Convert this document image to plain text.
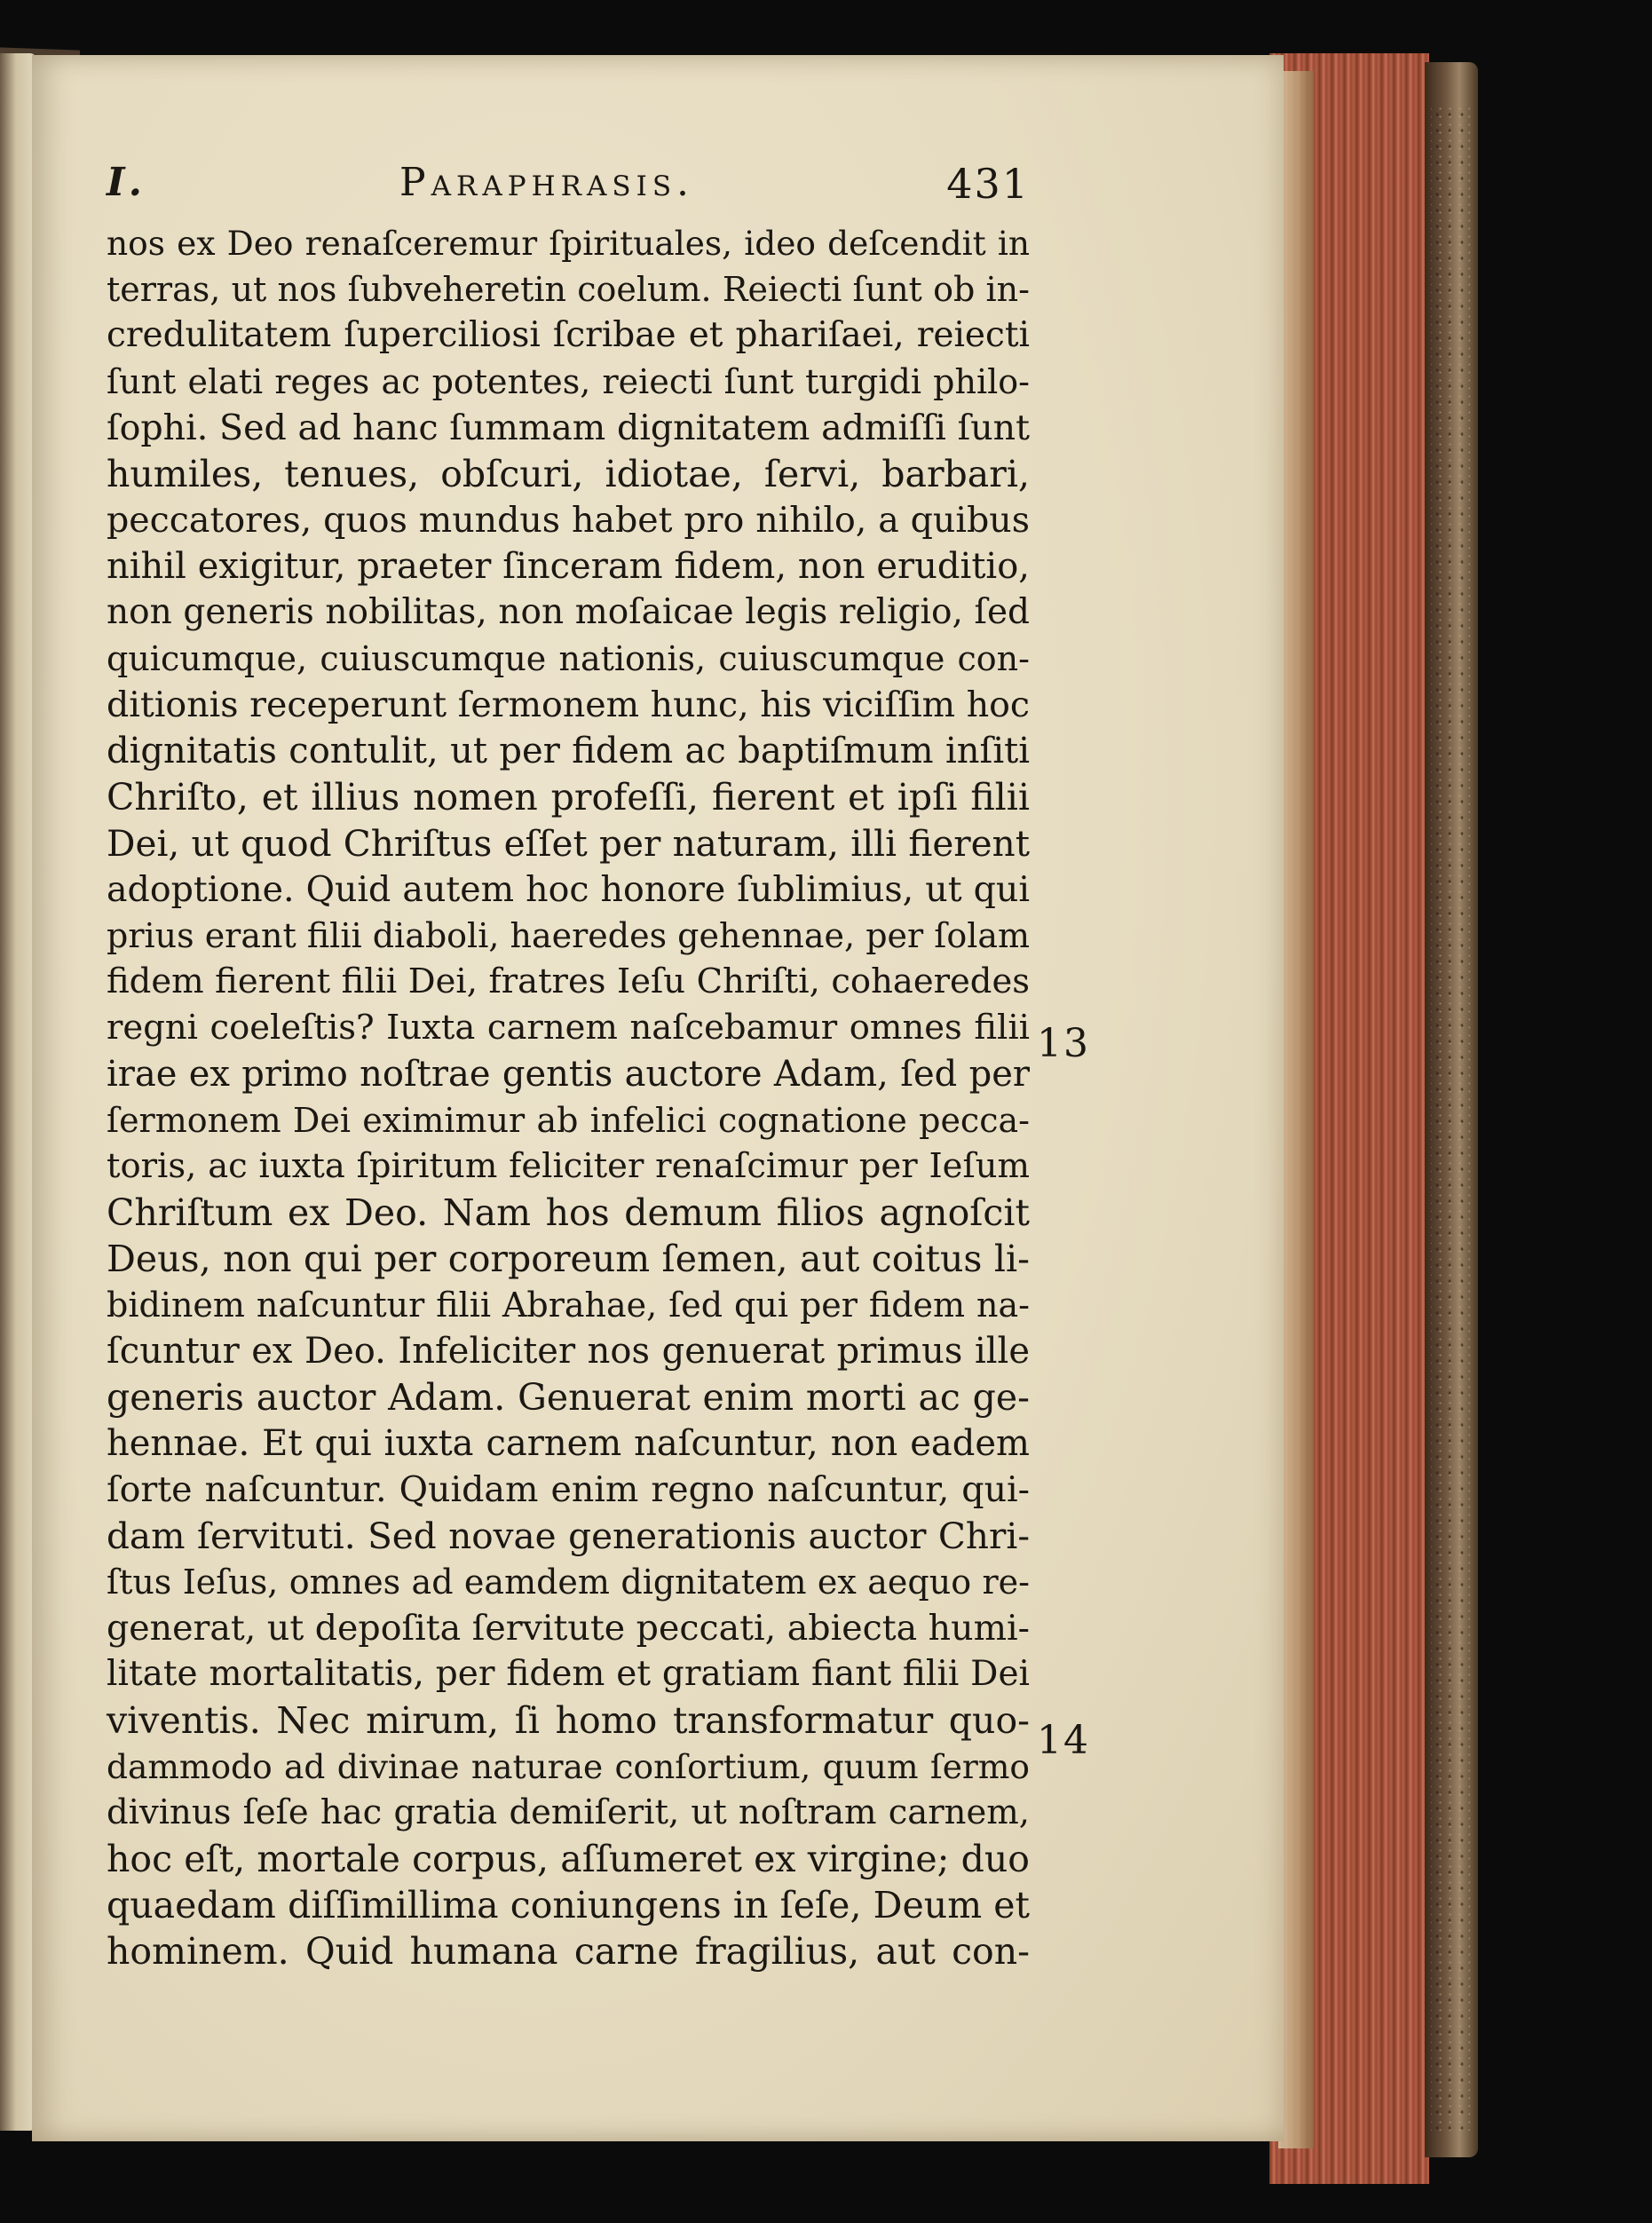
I.	Paraphrasis.	431
nos ex Deo renaſceremur ſpirituales, ideo deſcendit in
terras, ut nos ſubveheretin coelum. Reiecti ſunt ob in-
credulitatem ſuperciliosi ſcribae et phariſaei, reiecti
ſunt elati reges ac potentes, reiecti ſunt turgidi philo-
ſophi. Sed ad hanc ſummam dignitatem admiſſi ſunt
humiles, tenues, obſcuri, idiotae, ſervi, barbari,
peccatores, quos mundus habet pro nihilo, a quibus
nihil exigitur, praeter ſinceram fidem, non eruditio,
non generis nobilitas, non moſaicae legis religio, ſed
quicumque, cuiuscumque nationis, cuiuscumque con-
ditionis receperunt ſermonem hunc, his viciſſim hoc
dignitatis contulit, ut per fidem ac baptiſmum inſiti
Chriſto, et illius nomen profeſſi, fierent et ipſi filii
Dei, ut quod Chriſtus eſſet per naturam, illi fierent
adoptione. Quid autem hoc honore ſublimius, ut qui
prius erant filii diaboli, haeredes gehennae, per ſolam
fidem fierent filii Dei, fratres Ieſu Chriſti, cohaeredes
regni coeleſtis? Iuxta carnem naſcebamur omnes filii
irae ex primo noſtrae gentis auctore Adam, ſed per
ſermonem Dei eximimur ab infelici cognatione pecca-
toris, ac iuxta ſpiritum feliciter renaſcimur per Ieſum
Chriſtum ex Deo. Nam hos demum filios agnoſcit
Deus, non qui per corporeum ſemen, aut coitus li-
bidinem naſcuntur filii Abrahae, ſed qui per fidem na-
ſcuntur ex Deo. Infeliciter nos genuerat primus ille
generis auctor Adam. Genuerat enim morti ac ge-
hennae. Et qui iuxta carnem naſcuntur, non eadem
ſorte naſcuntur. Quidam enim regno naſcuntur, qui-
dam ſervituti. Sed novae generationis auctor Chri-
ſtus Ieſus, omnes ad eamdem dignitatem ex aequo re-
generat, ut depoſita ſervitute peccati, abiecta humi-
litate mortalitatis, per fidem et gratiam fiant filii Dei
viventis. Nec mirum, ſi homo transformatur quo-
dammodo ad divinae naturae conſortium, quum ſermo
divinus ſeſe hac gratia demiſerit, ut noſtram carnem,
hoc eſt, mortale corpus, aſſumeret ex virgine; duo
quaedam diſſimillima coniungens in ſeſe, Deum et
hominem. Quid humana carne fragilius, aut con-
13
14
